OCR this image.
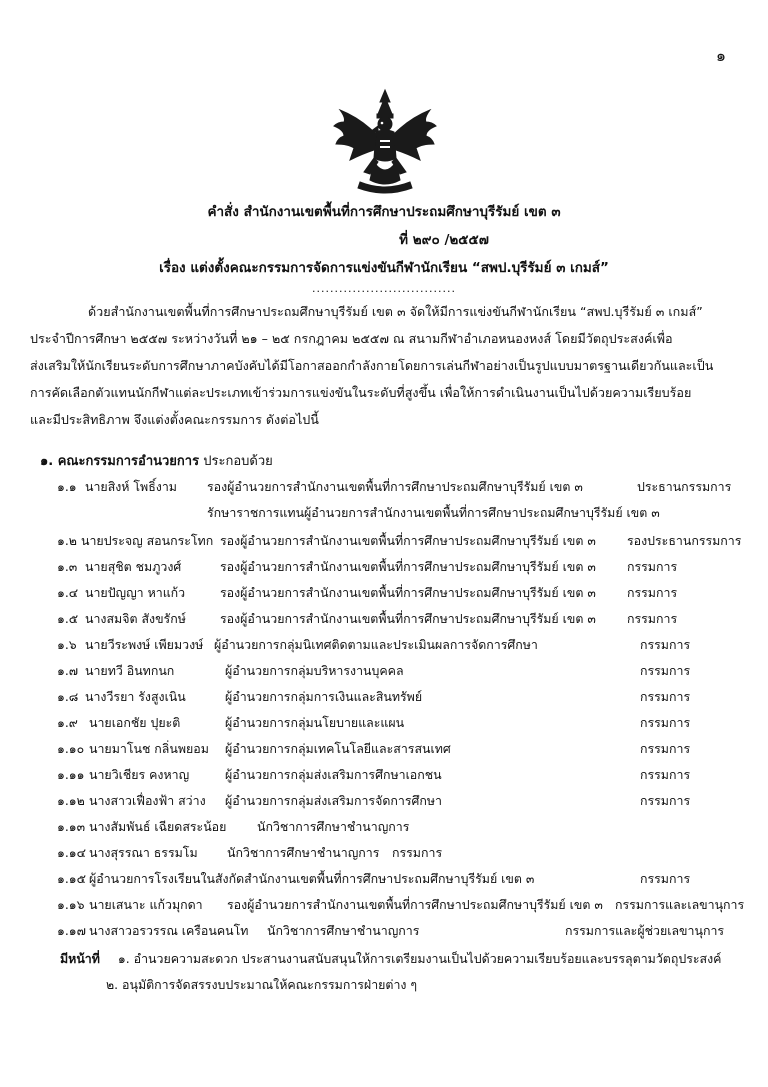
๑
คำสั่ง สำนักงานเขตพื้นที่การศึกษาประถมศึกษาบุรีรัมย์ เขต ๓
ที่ ๒๙๐ /๒๕๕๗
เรื่อง แต่งตั้งคณะกรรมการจัดการแข่งขันกีฬานักเรียน “สพป.บุรีรัมย์ ๓ เกมส์”
................................
ด้วยสำนักงานเขตพื้นที่การศึกษาประถมศึกษาบุรีรัมย์ เขต ๓ จัดให้มีการแข่งขันกีฬานักเรียน “สพป.บุรีรัมย์ ๓ เกมส์”
ประจำปีการศึกษา ๒๕๕๗ ระหว่างวันที่ ๒๑ – ๒๕ กรกฎาคม ๒๕๕๗ ณ สนามกีฬาอำเภอหนองหงส์ โดยมีวัตถุประสงค์เพื่อ
ส่งเสริมให้นักเรียนระดับการศึกษาภาคบังคับได้มีโอกาสออกกำลังกายโดยการเล่นกีฬาอย่างเป็นรูปแบบมาตรฐานเดียวกันและเป็น
การคัดเลือกตัวแทนนักกีฬาแต่ละประเภทเข้าร่วมการแข่งขันในระดับที่สูงขึ้น เพื่อให้การดำเนินงานเป็นไปด้วยความเรียบร้อย
และมีประสิทธิภาพ จึงแต่งตั้งคณะกรรมการ ดังต่อไปนี้
๑. คณะกรรมการอำนวยการ ประกอบด้วย
๑.๑ นายสิงห์ โพธิ์งาม รองผู้อำนวยการสำนักงานเขตพื้นที่การศึกษาประถมศึกษาบุรีรัมย์ เขต ๓	ประธานกรรมการ
รักษาราชการแทนผู้อำนวยการสำนักงานเขตพื้นที่การศึกษาประถมศึกษาบุรีรัมย์ เขต ๓
๑.๒ นายประจญ สอนกระโทก รองผู้อำนวยการสำนักงานเขตพื้นที่การศึกษาประถมศึกษาบุรีรัมย์ เขต ๓	รองประธานกรรมการ
๑.๓ นายสุชิต ชมภูวงศ์	รองผู้อำนวยการสำนักงานเขตพื้นที่การศึกษาประถมศึกษาบุรีรัมย์ เขต ๓	กรรมการ
๑.๔ นายปัญญา หาแก้ว	รองผู้อำนวยการสำนักงานเขตพื้นที่การศึกษาประถมศึกษาบุรีรัมย์ เขต ๓	กรรมการ
๑.๕ นางสมจิต สังขรักษ์	รองผู้อำนวยการสำนักงานเขตพื้นที่การศึกษาประถมศึกษาบุรีรัมย์ เขต ๓	กรรมการ
๑.๖ นายวีระพงษ์ เพียมวงษ์ ผู้อำนวยการกลุ่มนิเทศติดตามและประเมินผลการจัดการศึกษา	กรรมการ
๑.๗ นายทวี อินทกนก	ผู้อำนวยการกลุ่มบริหารงานบุคคล	กรรมการ
๑.๘ นางวีรยา รังสูงเนิน	ผู้อำนวยการกลุ่มการเงินและสินทรัพย์	กรรมการ
๑.๙ นายเอกชัย ปุยะติ	ผู้อำนวยการกลุ่มนโยบายและแผน	กรรมการ
๑.๑๐ นายมาโนช กลิ่นพยอม ผู้อำนวยการกลุ่มเทคโนโลยีและสารสนเทศ	กรรมการ
๑.๑๑ นายวิเชียร คงหาญ	ผู้อำนวยการกลุ่มส่งเสริมการศึกษาเอกชน	กรรมการ
๑.๑๒ นางสาวเฟื่องฟ้า สว่าง ผู้อำนวยการกลุ่มส่งเสริมการจัดการศึกษา	กรรมการ
๑.๑๓ นางสัมพันธ์ เฉียดสระน้อย นักวิชาการศึกษาชำนาญการ
๑.๑๔ นางสุรรณา ธรรมโม นักวิชาการศึกษาชำนาญการ กรรมการ
๑.๑๕ ผู้อำนวยการโรงเรียนในสังกัดสำนักงานเขตพื้นที่การศึกษาประถมศึกษาบุรีรัมย์ เขต ๓	กรรมการ
๑.๑๖ นายเสนาะ แก้วมุกดา รองผู้อำนวยการสำนักงานเขตพื้นที่การศึกษาประถมศึกษาบุรีรัมย์ เขต ๓ กรรมการและเลขานุการ
๑.๑๗ นางสาวอรวรรณ เครือนคนโท นักวิชาการศึกษาชำนาญการ	กรรมการและผู้ช่วยเลขานุการ
มีหน้าที่ ๑. อำนวยความสะดวก ประสานงานสนับสนุนให้การเตรียมงานเป็นไปด้วยความเรียบร้อยและบรรลุตามวัตถุประสงค์
๒. อนุมัติการจัดสรรงบประมาณให้คณะกรรมการฝ่ายต่าง ๆ
